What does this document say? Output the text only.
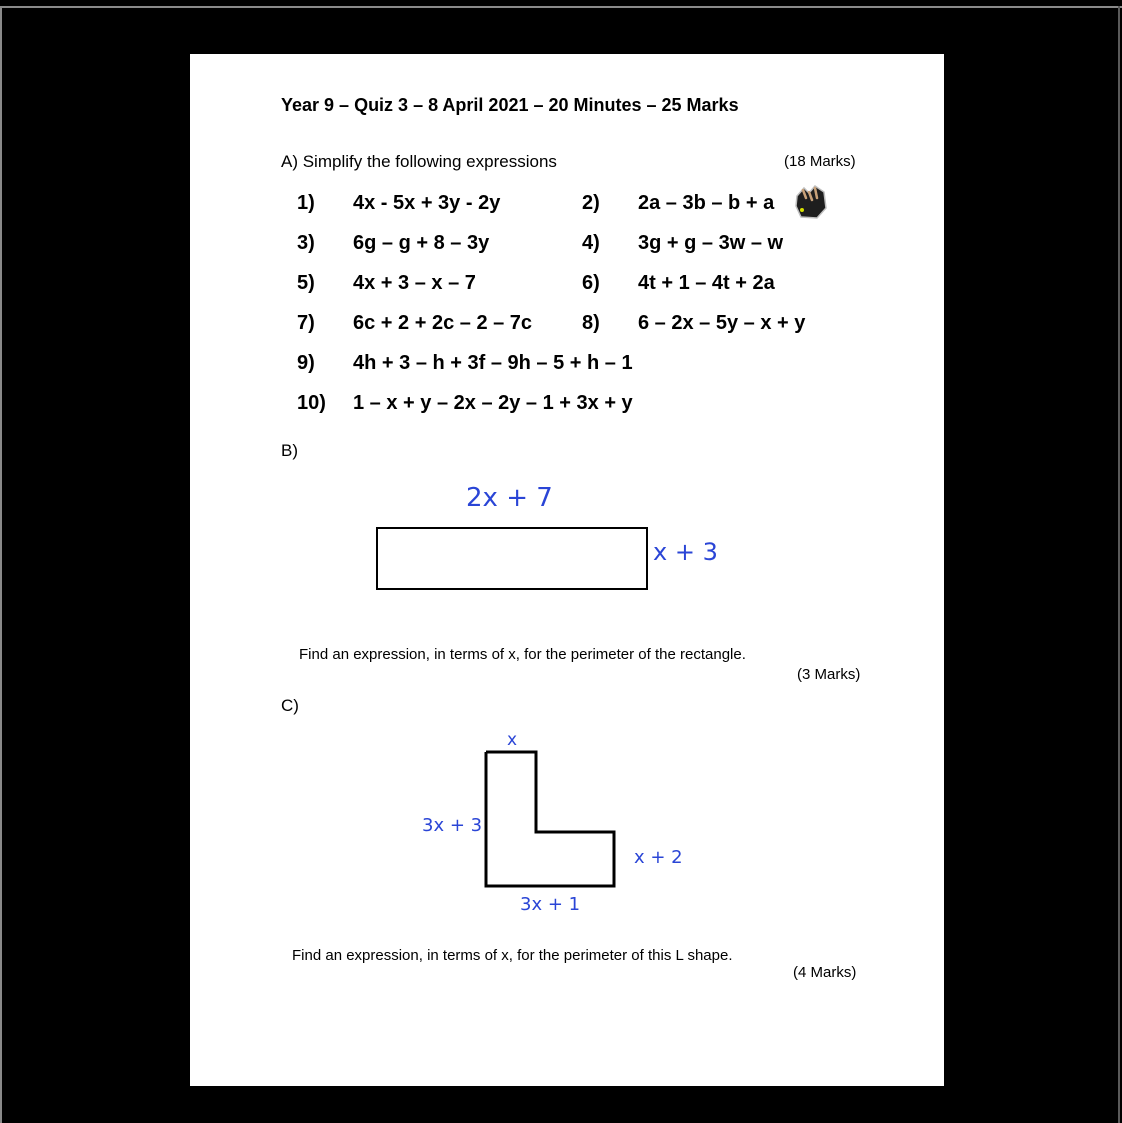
Year 9 – Quiz 3 – 8 April 2021 – 20 Minutes – 25 Marks
A) Simplify the following expressions	(18 Marks)
1) 4x - 5x + 3y - 2y	2) 2a – 3b – b + a
3) 6g – g + 8 – 3y	4) 3g + g – 3w – w
5) 4x + 3 – x – 7	6) 4t + 1 – 4t + 2a
7) 6c + 2 + 2c – 2 – 7c 8) 6 – 2x – 5y – x + y
9) 4h + 3 – h + 3f – 9h – 5 + h – 1
10) 1 – x + y – 2x – 2y – 1 + 3x + y
B)
2x + 7
x + 3
Find an expression, in terms of x, for the perimeter of the rectangle.
(3 Marks)
C)
x
3x + 3
x + 2
3x + 1
Find an expression, in terms of x, for the perimeter of this L shape.
(4 Marks)
